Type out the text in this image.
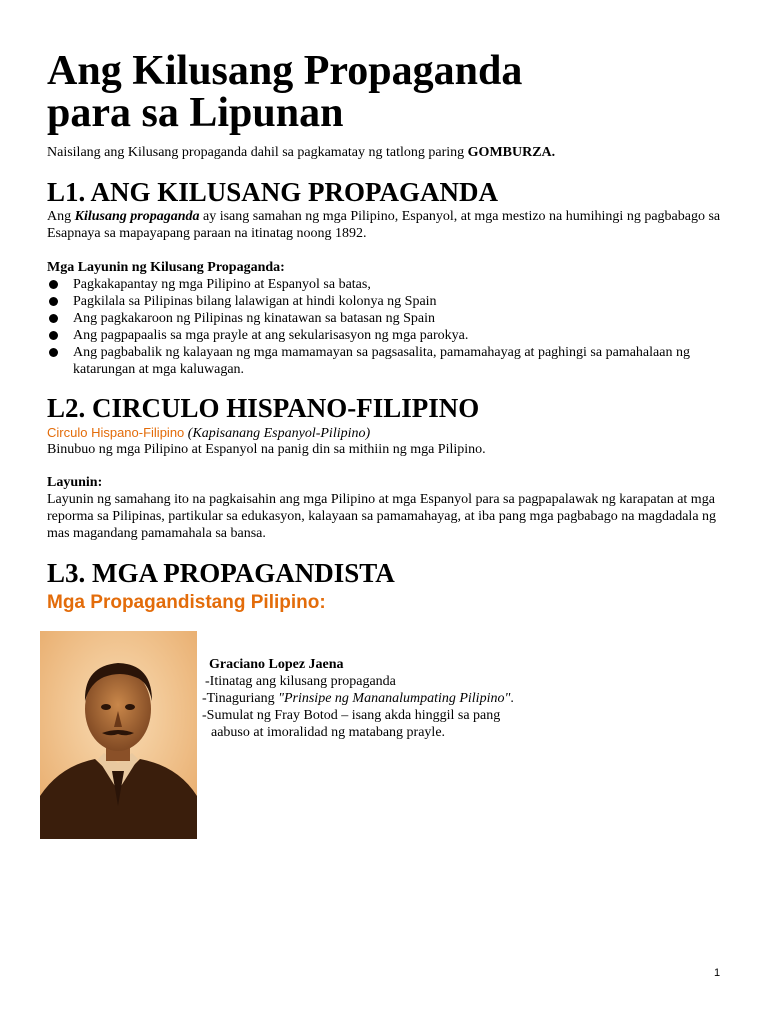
Ang Kilusang Propaganda
para sa Lipunan
Naisilang ang Kilusang propaganda dahil sa pagkamatay ng tatlong paring GOMBURZA.
L1. ANG KILUSANG PROPAGANDA
Ang Kilusang propaganda ay isang samahan ng mga Pilipino, Espanyol, at mga mestizo na humihingi ng pagbabago sa Esapnaya sa mapayapang paraan na itinatag noong 1892.
Mga Layunin ng Kilusang Propaganda:
Pagkakapantay ng mga Pilipino at Espanyol sa batas,
Pagkilala sa Pilipinas bilang lalawigan at hindi kolonya ng Spain
Ang pagkakaroon ng Pilipinas ng kinatawan sa batasan ng Spain
Ang pagpapaalis sa mga prayle at ang sekularisasyon ng mga parokya.
Ang pagbabalik ng kalayaan ng mga mamamayan sa pagsasalita, pamamahayag at paghingi sa pamahalaan ng katarungan at mga kaluwagan.
L2. CIRCULO HISPANO-FILIPINO
Circulo Hispano-Filipino (Kapisanang Espanyol-Pilipino)
Binubuo ng mga Pilipino at Espanyol na panig din sa mithiin ng mga Pilipino.
Layunin:
Layunin ng samahang ito na pagkaisahin ang mga Pilipino at mga Espanyol para sa pagpapalawak ng karapatan at mga reporma sa Pilipinas, partikular sa edukasyon, kalayaan sa pamamahayag, at iba pang mga pagbabago na magdadala ng mas magandang pamamahala sa bansa.
L3. MGA PROPAGANDISTA
Mga Propagandistang Pilipino:
Graciano Lopez Jaena
-Itinatag ang kilusang propaganda
-Tinaguriang "Prinsipe ng Mananalumpating Pilipino".
-Sumulat ng Fray Botod – isang akda hinggil sa pang
aabuso at imoralidad ng matabang prayle.
1
